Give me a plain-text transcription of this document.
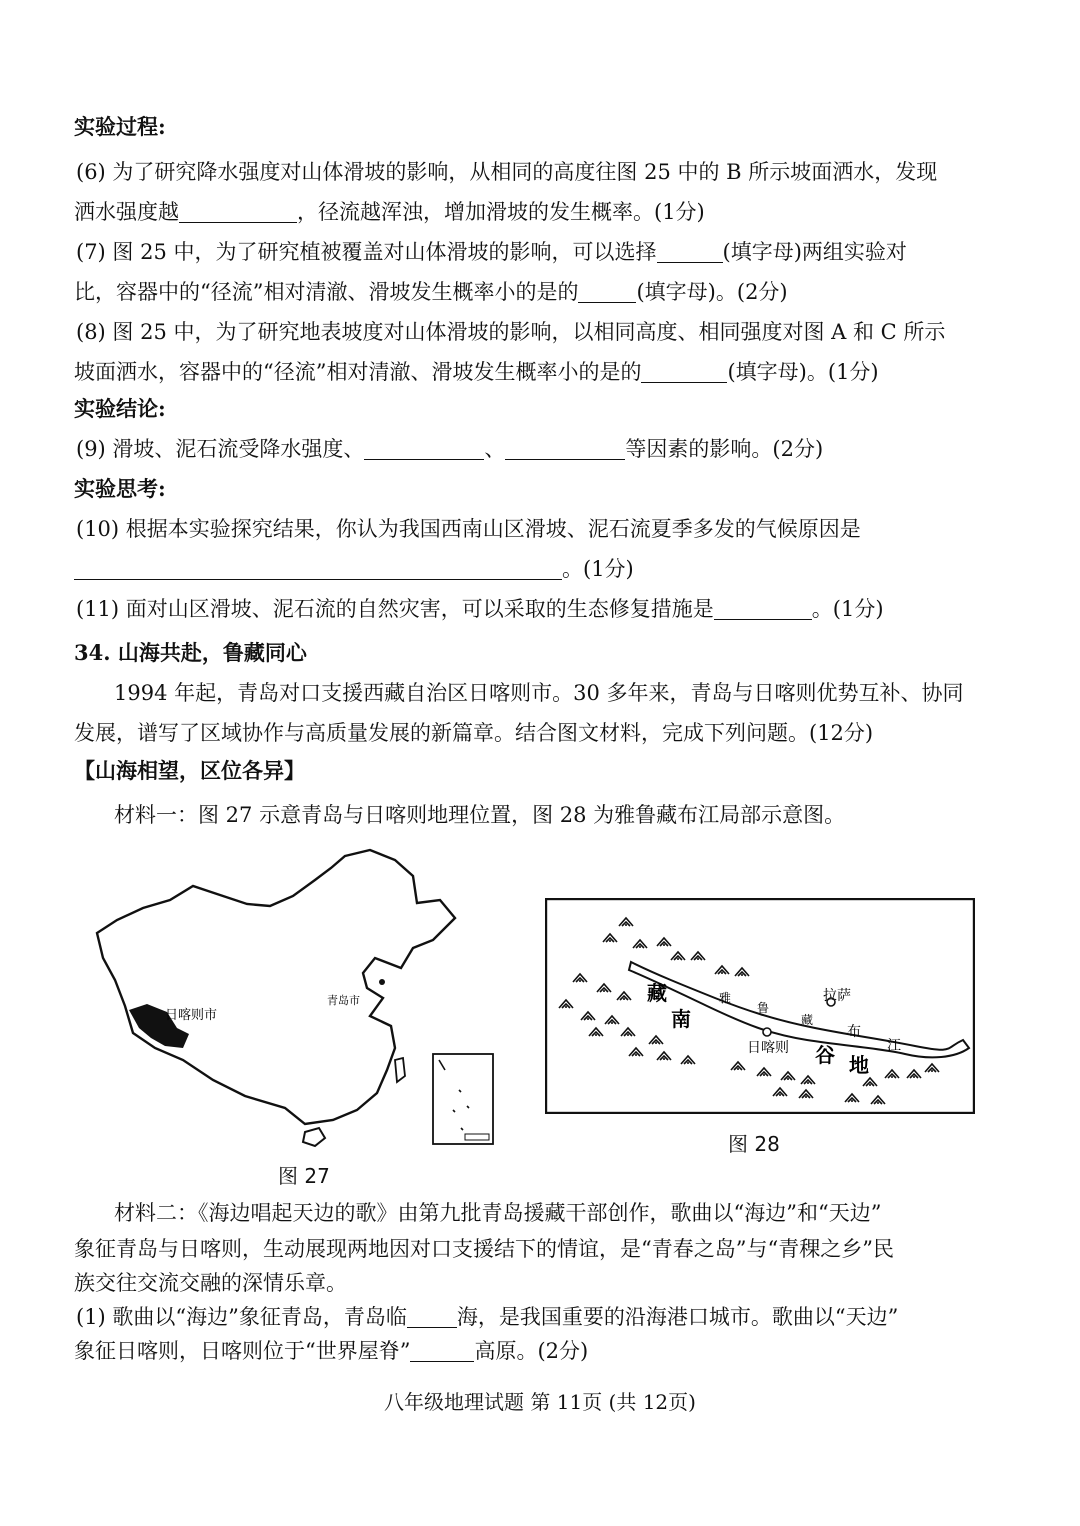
实验过程:
(6) 为了研究降水强度对山体滑坡的影响，从相同的高度往图 25 中的 B 所示坡面洒水，发现
洒水强度越	，径流越浑浊，增加滑坡的发生概率。(1分)
(7) 图 25 中，为了研究植被覆盖对山体滑坡的影响，可以选择	(填字母)两组实验对
比，容器中的“径流”相对清澈、滑坡发生概率小的是的	(填字母)。(2分)
(8) 图 25 中，为了研究地表坡度对山体滑坡的影响，以相同高度、相同强度对图 A 和 C 所示
坡面洒水，容器中的“径流”相对清澈、滑坡发生概率小的是的	(填字母)。(1分)
实验结论:
(9) 滑坡、泥石流受降水强度、	、	等因素的影响。(2分)
实验思考:
(10) 根据本实验探究结果，你认为我国西南山区滑坡、泥石流夏季多发的气候原因是
。(1分)
(11) 面对山区滑坡、泥石流的自然灾害，可以采取的生态修复措施是	。(1分)
34. 山海共赴，鲁藏同心
1994 年起，青岛对口支援西藏自治区日喀则市。30 多年来，青岛与日喀则优势互补、协同
发展，谱写了区域协作与高质量发展的新篇章。结合图文材料，完成下列问题。(12分)
【山海相望，区位各异】
材料一：图 27 示意青岛与日喀则地理位置，图 28 为雅鲁藏布江局部示意图。
日喀则市
青岛市
图 27
藏
南
谷 地
雅
鲁
藏
布
江
拉萨
日喀则
图 28
材料二：《海边唱起天边的歌》由第九批青岛援藏干部创作，歌曲以“海边”和“天边”
象征青岛与日喀则，生动展现两地因对口支援结下的情谊，是“青春之岛”与“青稞之乡”民
族交往交流交融的深情乐章。
(1) 歌曲以“海边”象征青岛，青岛临 海，是我国重要的沿海港口城市。歌曲以“天边”
象征日喀则，日喀则位于“世界屋脊”	高原。(2分)
八年级地理试题 第 11页 (共 12页)
